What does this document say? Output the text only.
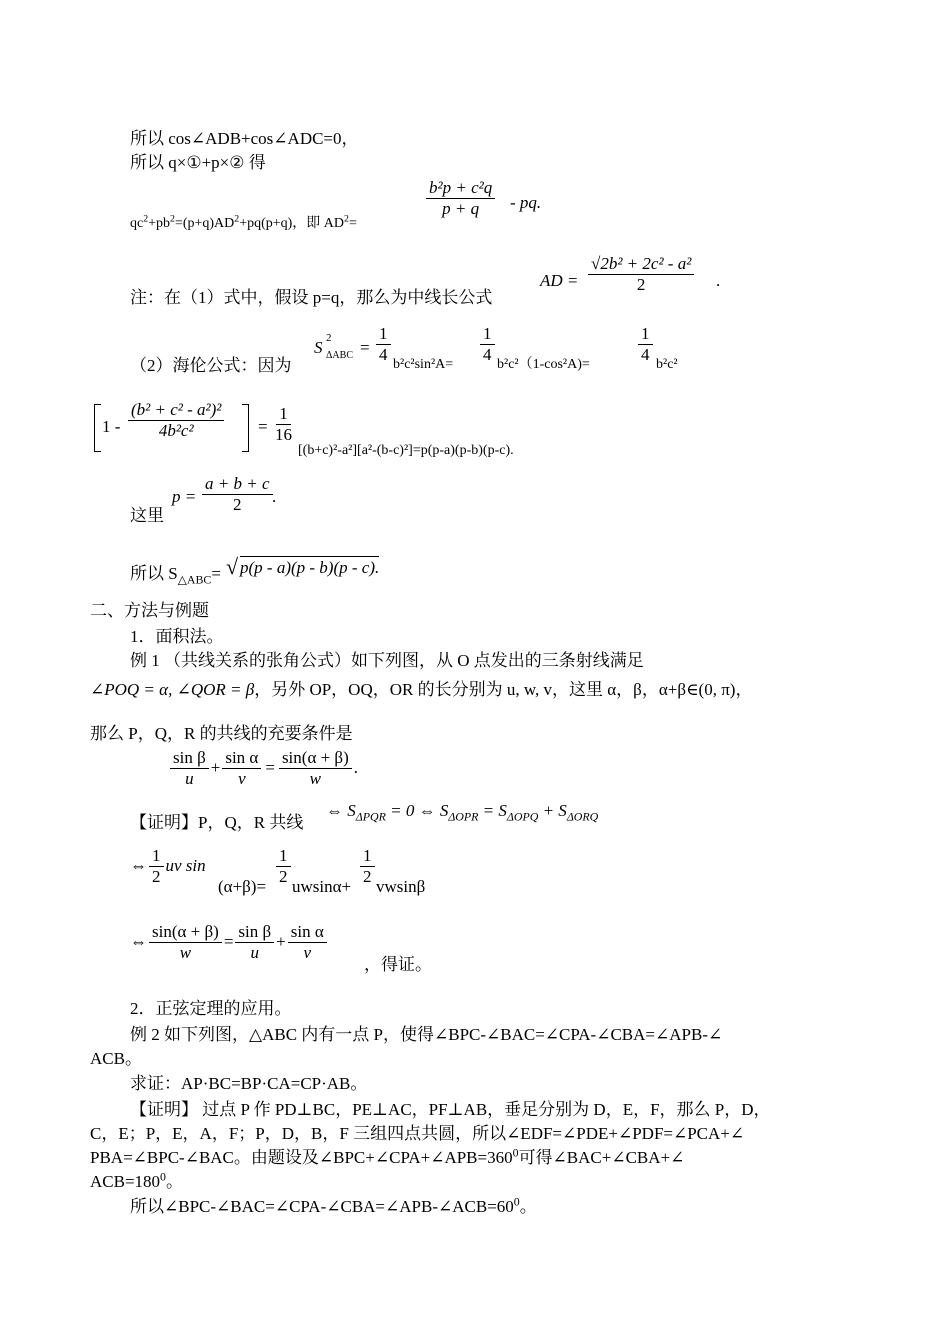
所以 cos∠ADB+cos∠ADC=0，
所以 q×①+p×② 得
$qc^2+pb^2=(p+q)AD^2+pq(p+q)$，即 $AD^2=$
$\frac{\text{b²p + c²q}}{p + q}$ - pq.
注：在（1）式中，假设 p=q，那么为中线长公式
AD = $\frac{\text{√2b² + 2c² - a²}}{2}$ .
（2）海伦公式：因为
S 2
$\Delta ABC = \frac{1}{4}$
b²c²sin²A=
$\frac{1}{4}$
b²c²（1-cos²A)=
$\frac{1}{4}$
b²c²
$1 - \frac{\text{(b² + c² - a²)²}}{\text{4b²c²}} = \frac{1}{16}$
[(b+c)²-a²][a²-(b-c)²]=p(p-a)(p-b)(p-c).
这里
$p = \frac{a + b + c}{2}$ .
所以 $S_{\triangle ABC}=$ √ p(p - a)(p - b)(p - c).
二、方法与例题
1．面积法。
例 1 （共线关系的张角公式）如下列图，从 O 点发出的三条射线满足
∠POQ = α, ∠QOR = β，另外 OP，OQ，OR 的长分别为 u, w, v，这里 α，β，α+β∈(0, π)，
那么 P，Q，R 的共线的充要条件是
$\frac{\text{sin β}}{u} + \frac{\text{sin α}}{v} = \frac{\sin(\alpha + \beta)}{w}$ .
【证明】P，Q，R 共线
⇔ $S_{\Delta PQR} = 0$ ⇔ $S_{\Delta OPR} = S_{\Delta OPQ} + S_{\Delta ORQ}$
⇔ $\frac{1}{2}$ uv sin
(α+β)=
$\frac{1}{2}$
uwsinα+
$\frac{1}{2}$
vwsinβ
⇔ $\frac{\sin(\alpha + \beta)}{w} = \frac{\text{sin β}}{u} + \frac{\text{sin α}}{v}$
，得证。
2．正弦定理的应用。
例 2 如下列图，△ABC 内有一点 P，使得∠BPC-∠BAC=∠CPA-∠CBA=∠APB-∠
ACB。
求证：AP·BC=BP·CA=CP·AB。
【证明】 过点 P 作 PD⊥BC，PE⊥AC，PF⊥AB，垂足分别为 D，E，F，那么 P，D，
C，E；P，E，A，F；P，D，B，F 三组四点共圆，所以∠EDF=∠PDE+∠PDF=∠PCA+∠
PBA=∠BPC-∠BAC。由题设及$\angle BPC+\angle CPA+\angle APB=360^0$可得∠BAC+∠CBA+∠
$ACB=180^0$。
所以$\angle BPC-\angle BAC=\angle CPA-\angle CBA=\angle APB-\angle ACB=60^0$。
